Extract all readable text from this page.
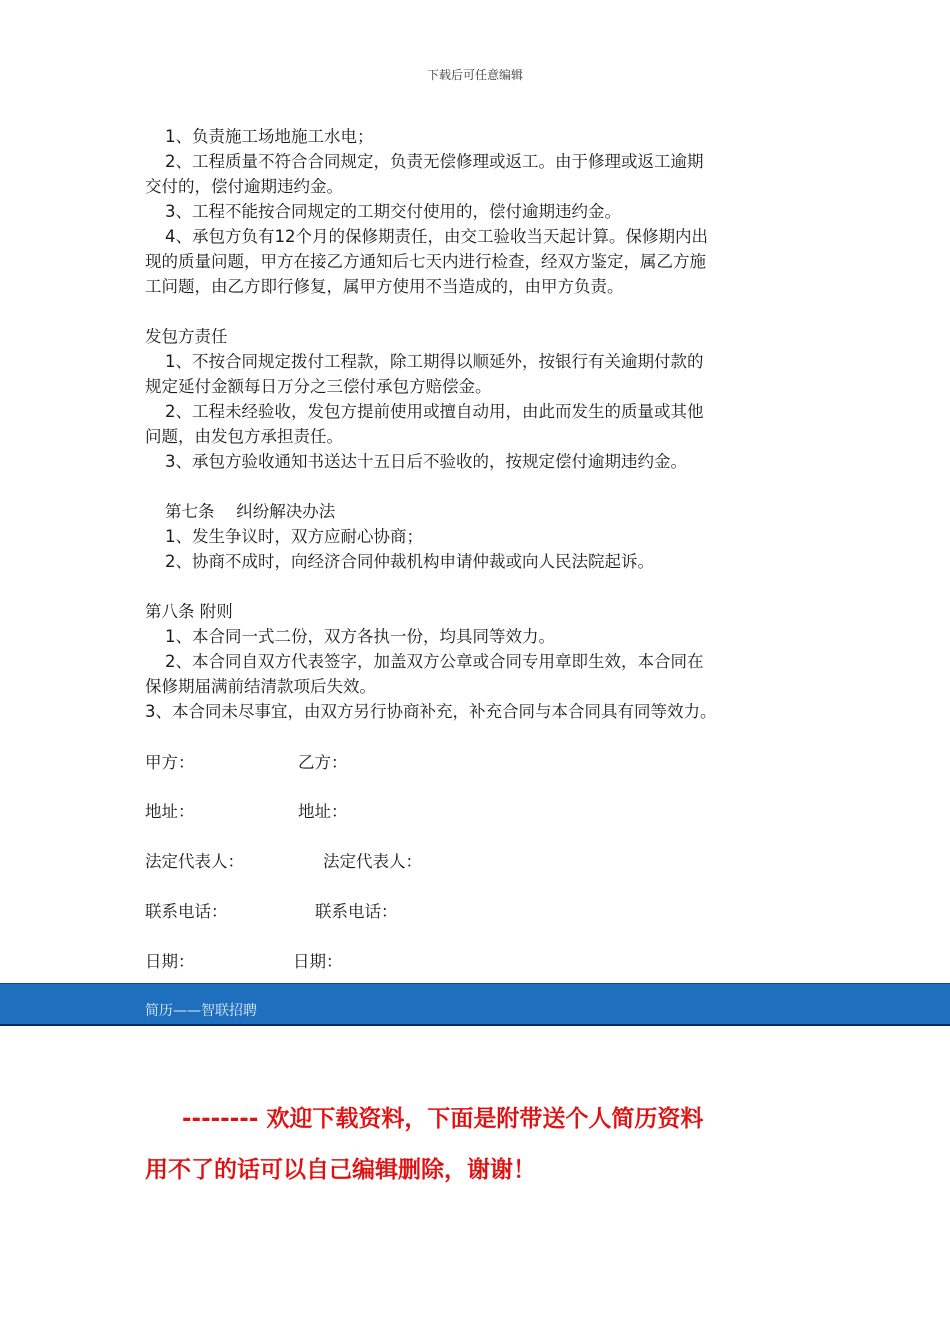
下载后可任意编辑

1、负责施工场地施工水电；

2、工程质量不符合合同规定，负责无偿修理或返工。由于修理或返工逾期

交付的，偿付逾期违约金。

3、工程不能按合同规定的工期交付使用的，偿付逾期违约金。

4、承包方负有12个月的保修期责任，由交工验收当天起计算。保修期内出

现的质量问题，甲方在接乙方通知后七天内进行检查，经双方鉴定，属乙方施

工问题，由乙方即行修复，属甲方使用不当造成的，由甲方负责。

发包方责任

1、不按合同规定拨付工程款，除工期得以顺延外，按银行有关逾期付款的

规定延付金额每日万分之三偿付承包方赔偿金。

2、工程未经验收，发包方提前使用或擅自动用，由此而发生的质量或其他

问题，由发包方承担责任。

3、承包方验收通知书送达十五日后不验收的，按规定偿付逾期违约金。

第七条　 纠纷解决办法

1、发生争议时，双方应耐心协商；

2、协商不成时，向经济合同仲裁机构申请仲裁或向人民法院起诉。

第八条 附则

1、本合同一式二份，双方各执一份，均具同等效力。

2、本合同自双方代表签字，加盖双方公章或合同专用章即生效，本合同在

保修期届满前结清款项后失效。

3、本合同未尽事宜，由双方另行协商补充，补充合同与本合同具有同等效力。

甲方：	乙方：
地址：	地址：
法定代表人：	法定代表人：
联系电话：	联系电话：
日期：	日期：
简历——智联招聘
-------- 欢迎下载资料，下面是附带送个人简历资料
用不了的话可以自己编辑删除，谢谢！
